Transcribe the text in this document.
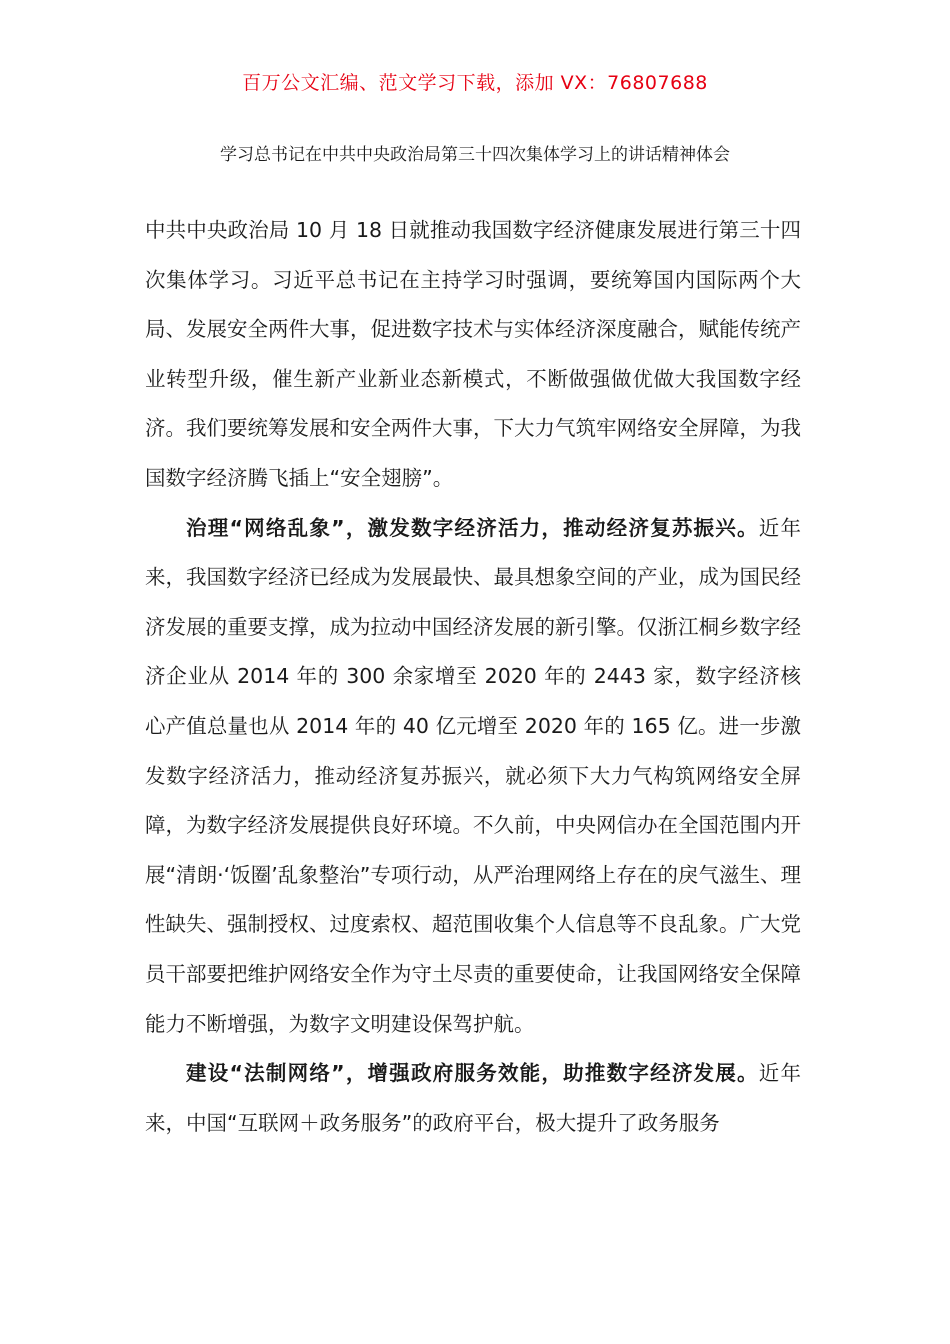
百万公文汇编、范文学习下载，添加 VX：76807688
学习总书记在中共中央政治局第三十四次集体学习上的讲话精神体会

中共中央政治局 10 月 18 日就推动我国数字经济健康发展进行第三十四次集体学习。习近平总书记在主持学习时强调，要统筹国内国际两个大局、发展安全两件大事，促进数字技术与实体经济深度融合，赋能传统产业转型升级，催生新产业新业态新模式，不断做强做优做大我国数字经济。我们要统筹发展和安全两件大事，下大力气筑牢网络安全屏障，为我国数字经济腾飞插上“安全翅膀”。

治理“网络乱象”，激发数字经济活力，推动经济复苏振兴。近年来，我国数字经济已经成为发展最快、最具想象空间的产业，成为国民经济发展的重要支撑，成为拉动中国经济发展的新引擎。仅浙江桐乡数字经济企业从 2014 年的 300 余家增至 2020 年的 2443 家，数字经济核心产值总量也从 2014 年的 40 亿元增至 2020 年的 165 亿。进一步激发数字经济活力，推动经济复苏振兴，就必须下大力气构筑网络安全屏障，为数字经济发展提供良好环境。不久前，中央网信办在全国范围内开展“清朗·‘饭圈’乱象整治”专项行动，从严治理网络上存在的戾气滋生、理性缺失、强制授权、过度索权、超范围收集个人信息等不良乱象。广大党员干部要把维护网络安全作为守土尽责的重要使命，让我国网络安全保障能力不断增强，为数字文明建设保驾护航。

建设“法制网络”，增强政府服务效能，助推数字经济发展。近年来，中国“互联网＋政务服务”的政府平台，极大提升了政务服务
